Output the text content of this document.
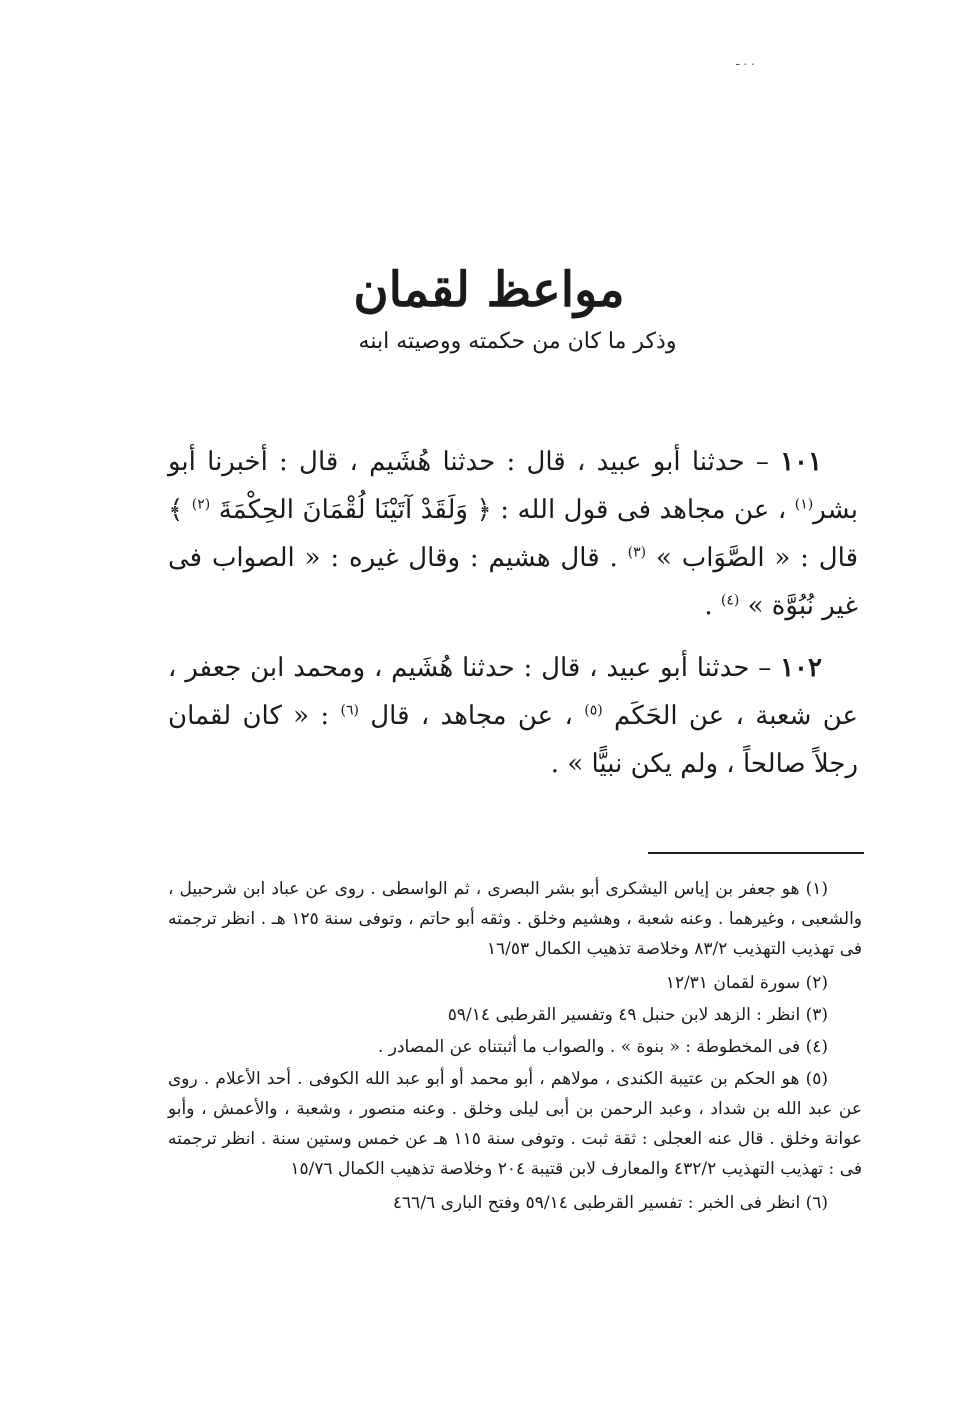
ـ . .
مواعظ لقمان
وذكر ما كان من حكمته ووصيته ابنه

١٠١ – حدثنا أبو عبيد ، قال : حدثنا هُشَيم ، قال : أخبرنا أبو بشر$^{(١)}$ ، عن مجاهد فى قول الله : ﴿ وَلَقَدْ آتَيْنَا لُقْمَانَ الحِكْمَةَ $^{(٢)}$ ﴾ قال : « الصَّوَاب » $^{(٣)}$ . قال هشيم : وقال غيره : « الصواب فى غير نُبُوَّة » $^{(٤)}$ .

١٠٢ – حدثنا أبو عبيد ، قال : حدثنا هُشَيم ، ومحمد ابن جعفر ، عن شعبة ، عن الحَكَم $^{(٥)}$ ، عن مجاهد ، قال $^{(٦)}$ : « كان لقمان رجلاً صالحاً ، ولم يكن نبيًّا » .

(١) هو جعفر بن إياس اليشكرى أبو بشر البصرى ، ثم الواسطى . روى عن عباد ابن شرحبيل ، والشعبى ، وغيرهما . وعنه شعبة ، وهشيم وخلق . وثقه أبو حاتم ، وتوفى سنة ١٢٥ هـ . انظر ترجمته فى تهذيب التهذيب ٨٣/٢ وخلاصة تذهيب الكمال ١٦/٥٣

(٢) سورة لقمان ١٢/٣١

(٣) انظر : الزهد لابن حنبل ٤٩ وتفسير القرطبى ٥٩/١٤

(٤) فى المخطوطة : « بنوة » . والصواب ما أثبتناه عن المصادر .

(٥) هو الحكم بن عتيبة الكندى ، مولاهم ، أبو محمد أو أبو عبد الله الكوفى . أحد الأعلام . روى عن عبد الله بن شداد ، وعبد الرحمن بن أبى ليلى وخلق . وعنه منصور ، وشعبة ، والأعمش ، وأبو عوانة وخلق . قال عنه العجلى : ثقة ثبت . وتوفى سنة ١١٥ هـ عن خمس وستين سنة . انظر ترجمته فى : تهذيب التهذيب ٤٣٢/٢ والمعارف لابن قتيبة ٢٠٤ وخلاصة تذهيب الكمال ١٥/٧٦

(٦) انظر فى الخبر : تفسير القرطبى ٥٩/١٤ وفتح البارى ٤٦٦/٦
